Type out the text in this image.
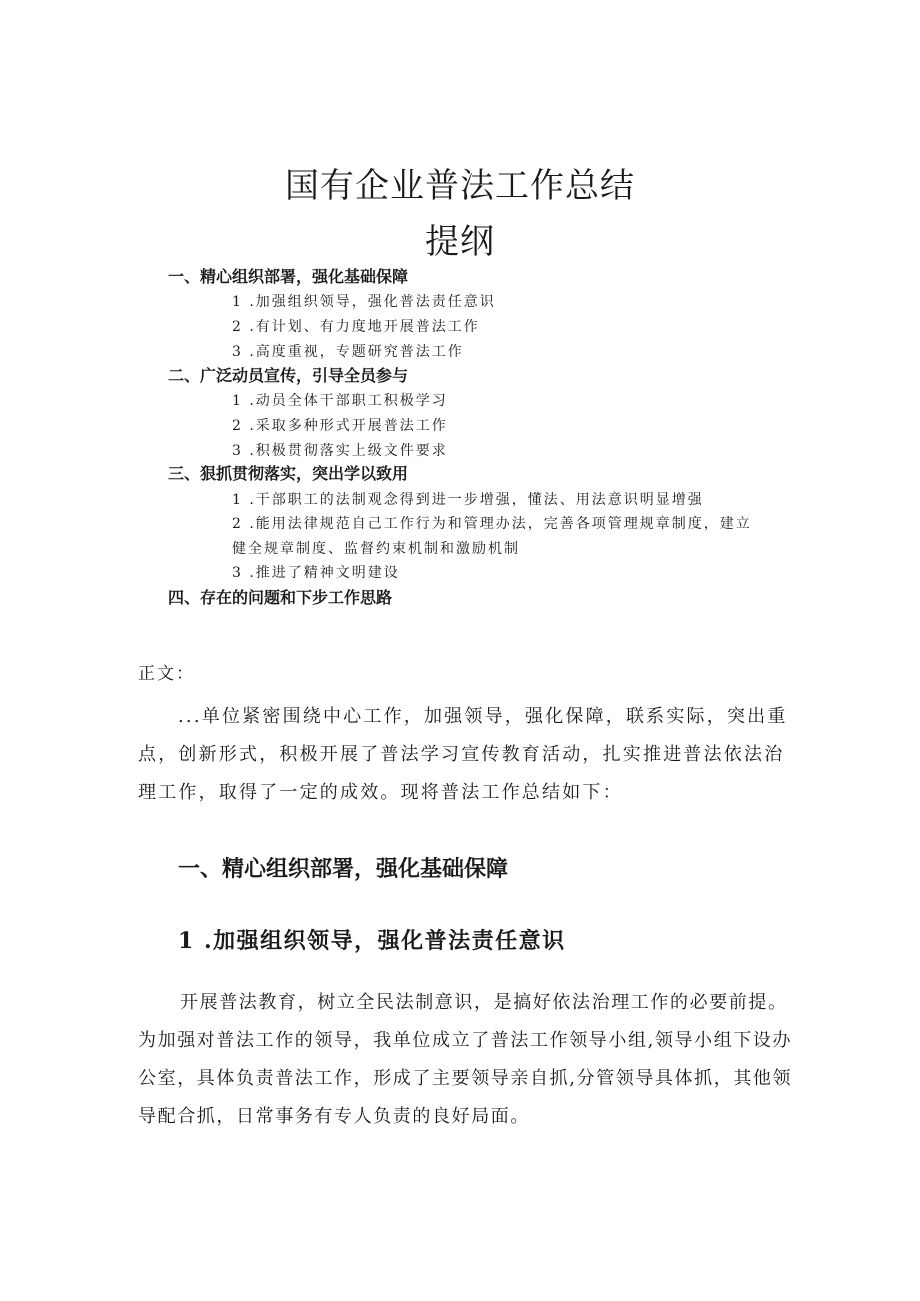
国有企业普法工作总结
提纲
一、精心组织部署，强化基础保障
1 .加强组织领导，强化普法责任意识
2 .有计划、有力度地开展普法工作
3 .高度重视，专题研究普法工作
二、广泛动员宣传，引导全员参与
1 .动员全体干部职工积极学习
2 .采取多种形式开展普法工作
3 .积极贯彻落实上级文件要求
三、狠抓贯彻落实，突出学以致用
1 .干部职工的法制观念得到进一步增强，懂法、用法意识明显增强
2 .能用法律规范自己工作行为和管理办法，完善各项管理规章制度，建立
健全规章制度、监督约束机制和激励机制
3 .推进了精神文明建设
四、存在的问题和下步工作思路
正文：

...单位紧密围绕中心工作，加强领导，强化保障，联系实际，突出重点，创新形式，积极开展了普法学习宣传教育活动，扎实推进普法依法治理工作，取得了一定的成效。现将普法工作总结如下：

一、精心组织部署，强化基础保障
1 .加强组织领导，强化普法责任意识

开展普法教育，树立全民法制意识，是搞好依法治理工作的必要前提。为加强对普法工作的领导，我单位成立了普法工作领导小组,领导小组下设办公室，具体负责普法工作，形成了主要领导亲自抓,分管领导具体抓，其他领导配合抓，日常事务有专人负责的良好局面。
